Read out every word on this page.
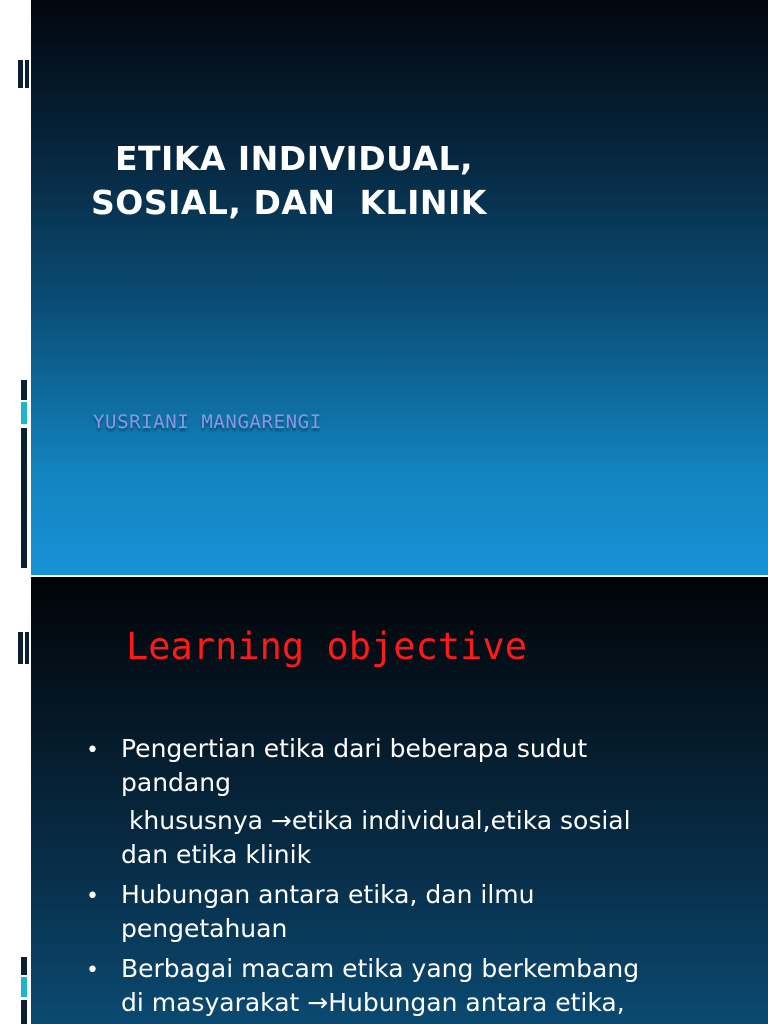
ETIKA INDIVIDUAL,
SOSIAL, DAN  KLINIK
YUSRIANI MANGARENGI
Learning objective
• Pengertian etika dari beberapa sudut
pandang
khususnya →etika individual,etika sosial
dan etika klinik
• Hubungan antara etika, dan ilmu
pengetahuan
• Berbagai macam etika yang berkembang
di masyarakat →Hubungan antara etika,
